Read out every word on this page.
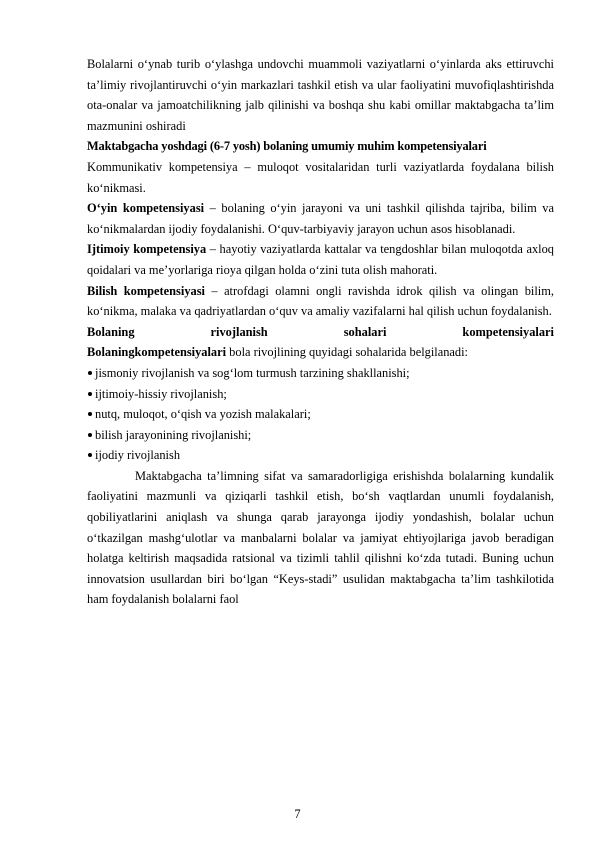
Bolalarni o‘ynab turib o‘ylashga undovchi muammoli vaziyatlarni o‘yinlarda aks ettiruvchi ta’limiy rivojlantiruvchi o‘yin markazlari tashkil etish va ular faoliyatini muvofiqlashtirishda ota-onalar va jamoatchilikning jalb qilinishi va boshqa shu kabi omillar maktabgacha ta’lim mazmunini oshiradi

Maktabgacha yoshdagi (6-7 yosh) bolaning umumiy muhim kompetensiyalari

Kommunikativ kompetensiya – muloqot vositalaridan turli vaziyatlarda foydalana bilish ko‘nikmasi.

O‘yin kompetensiyasi – bolaning o‘yin jarayoni va uni tashkil qilishda tajriba, bilim va ko‘nikmalardan ijodiy foydalanishi. O‘quv-tarbiyaviy jarayon uchun asos hisoblanadi.

Ijtimoiy kompetensiya – hayotiy vaziyatlarda kattalar va tengdoshlar bilan muloqotda axloq qoidalari va me’yorlariga rioya qilgan holda o‘zini tuta olish mahorati.

Bilish kompetensiyasi – atrofdagi olamni ongli ravishda idrok qilish va olingan bilim, ko‘nikma, malaka va qadriyatlardan o‘quv va amaliy vazifalarni hal qilish uchun foydalanish.

Bolaning	rivojlanish	sohalari	kompetensiyalari

Bolaningkompetensiyalari bola rivojlining quyidagi sohalarida belgilanadi:

jismoniy rivojlanish va sog‘lom turmush tarzining shakllanishi;

ijtimoiy-hissiy rivojlanish;

nutq, muloqot, o‘qish va yozish malakalari;

bilish jarayonining rivojlanishi;

ijodiy rivojlanish

Maktabgacha ta’limning sifat va samaradorligiga erishishda bolalarning kundalik faoliyatini mazmunli va qiziqarli tashkil etish, bo‘sh vaqtlardan unumli foydalanish, qobiliyatlarini aniqlash va shunga qarab jarayonga ijodiy yondashish, bolalar uchun o‘tkazilgan mashg‘ulotlar va manbalarni bolalar va jamiyat ehtiyojlariga javob beradigan holatga keltirish maqsadida ratsional va tizimli tahlil qilishni ko‘zda tutadi. Buning uchun innovatsion usullardan biri bo‘lgan “Keys-stadi” usulidan maktabgacha ta’lim tashkilotida ham foydalanish bolalarni faol

7
